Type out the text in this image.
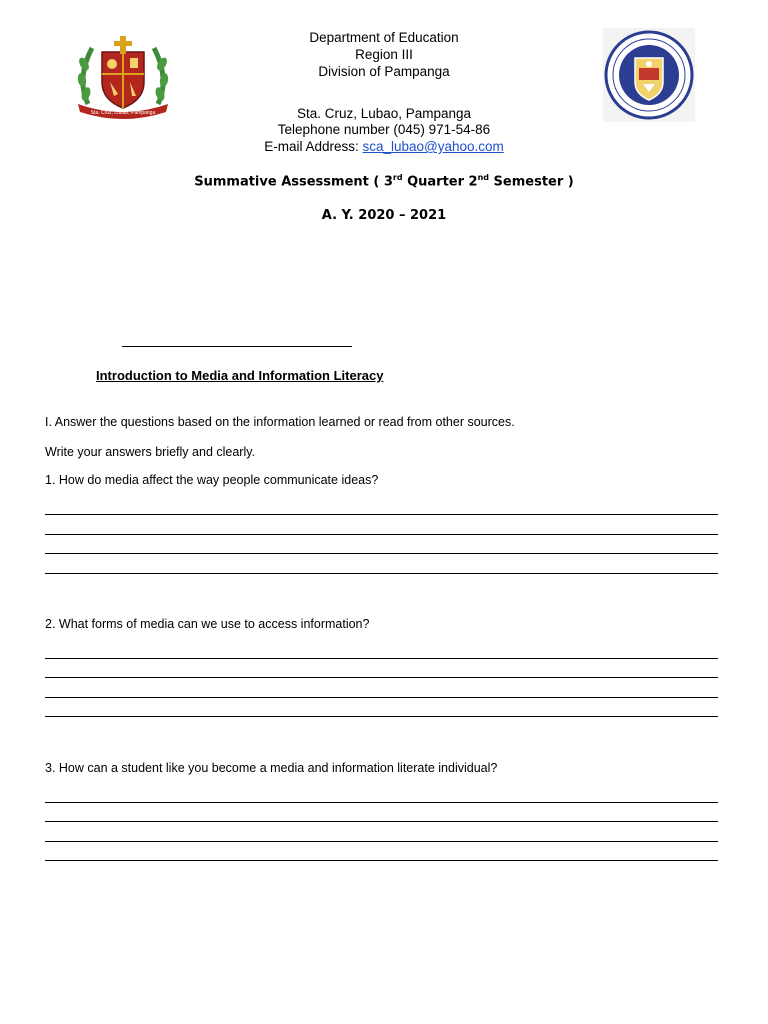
Sta. Cruz, Lubao, Pampanga
Department of Education
Region III
Division of Pampanga
Sta. Cruz, Lubao, Pampanga
Telephone number (045) 971-54-86
E-mail Address: sca_lubao@yahoo.com
Summative Assessment ( 3rd Quarter 2nd Semester )
A. Y. 2020 – 2021
Introduction to Media and Information Literacy
I. Answer the questions based on the information learned or read from other sources.
Write your answers briefly and clearly.
1. How do media affect the way people communicate ideas?
2. What forms of media can we use to access information?
3. How can a student like you become a media and information literate individual?
